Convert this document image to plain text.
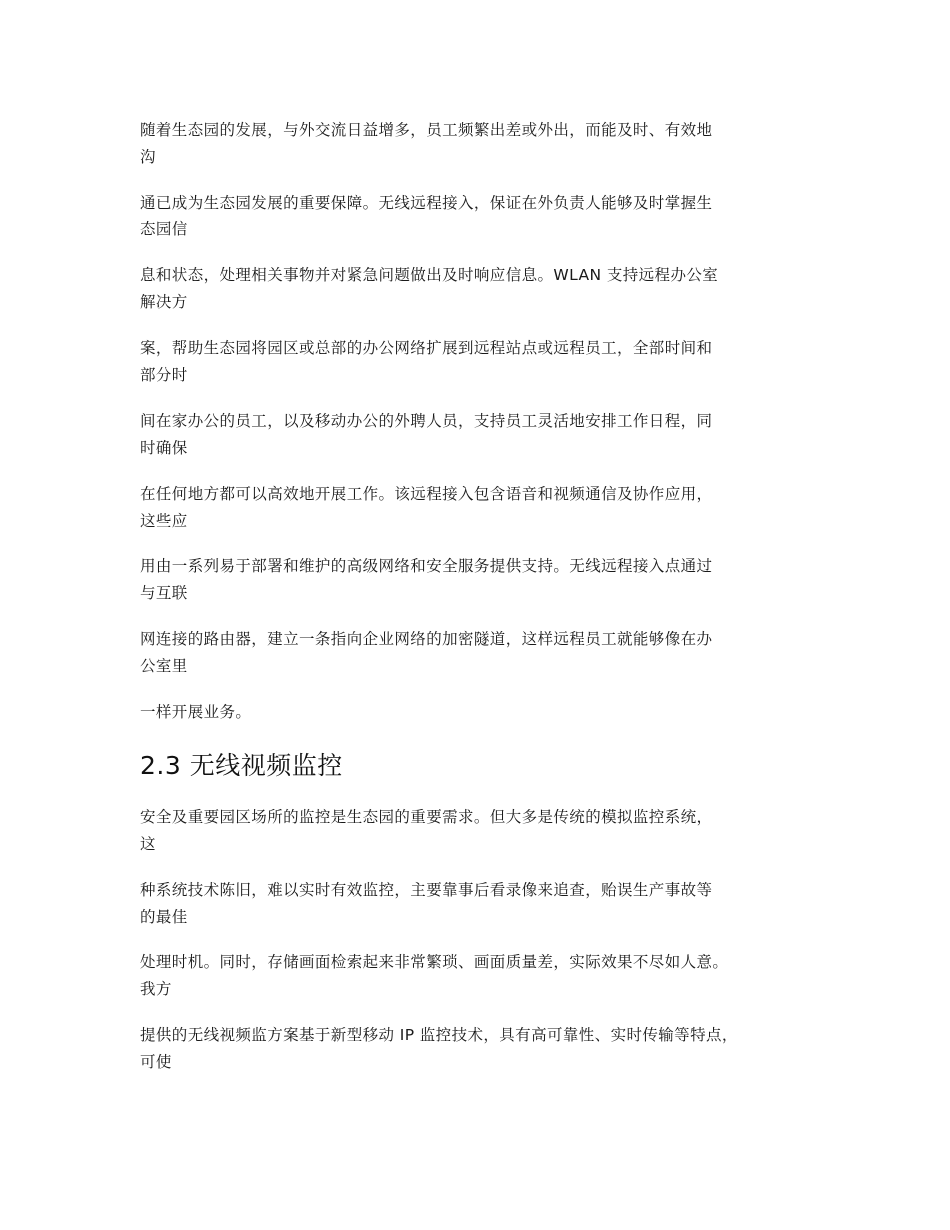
随着生态园的发展，与外交流日益增多，员工频繁出差或外出，而能及时、有效地
沟
通已成为生态园发展的重要保障。无线远程接入，保证在外负责人能够及时掌握生
态园信
息和状态，处理相关事物并对紧急问题做出及时响应信息。WLAN 支持远程办公室
解决方
案，帮助生态园将园区或总部的办公网络扩展到远程站点或远程员工，全部时间和
部分时
间在家办公的员工，以及移动办公的外聘人员，支持员工灵活地安排工作日程，同
时确保
在任何地方都可以高效地开展工作。该远程接入包含语音和视频通信及协作应用，
这些应
用由一系列易于部署和维护的高级网络和安全服务提供支持。无线远程接入点通过
与互联
网连接的路由器，建立一条指向企业网络的加密隧道，这样远程员工就能够像在办
公室里
一样开展业务。
2.3 无线视频监控
安全及重要园区场所的监控是生态园的重要需求。但大多是传统的模拟监控系统，
这
种系统技术陈旧，难以实时有效监控，主要靠事后看录像来追查，贻误生产事故等
的最佳
处理时机。同时，存储画面检索起来非常繁琐、画面质量差，实际效果不尽如人意。
我方
提供的无线视频监方案基于新型移动 IP 监控技术，具有高可靠性、实时传输等特点，
可使
